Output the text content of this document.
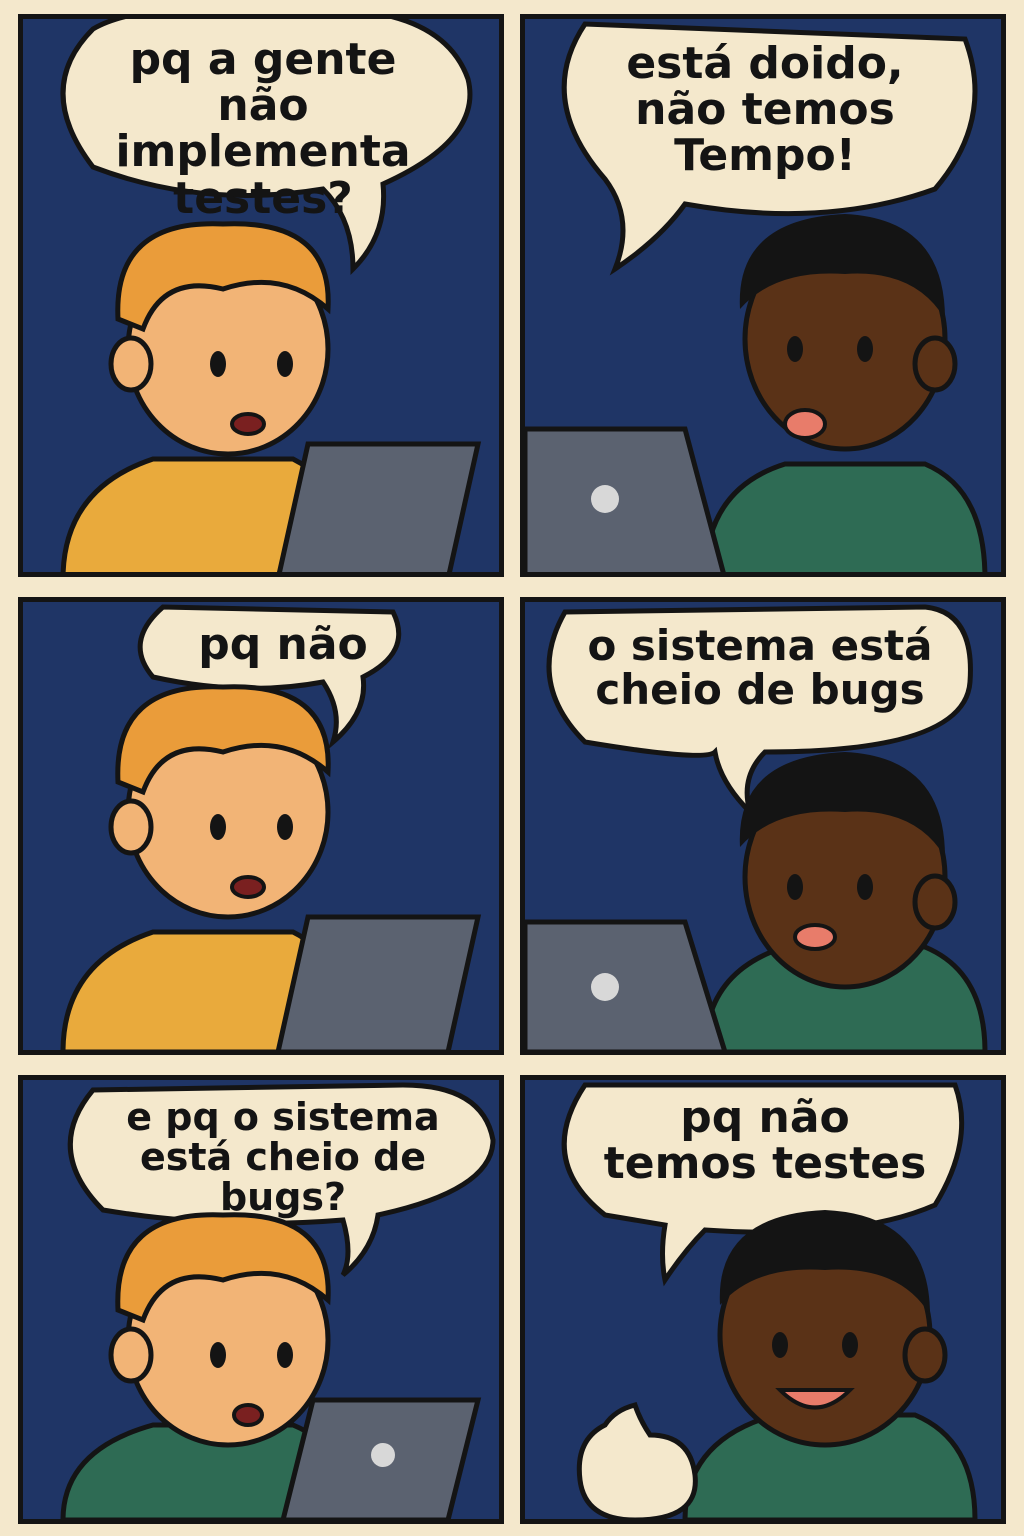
pq a gente
não implementa
testes?
está doido,
não temos
Tempo!
pq não	o sistema está
cheio de bugs
e pq o sistema
está cheio de bugs?
pq não
temos testes
